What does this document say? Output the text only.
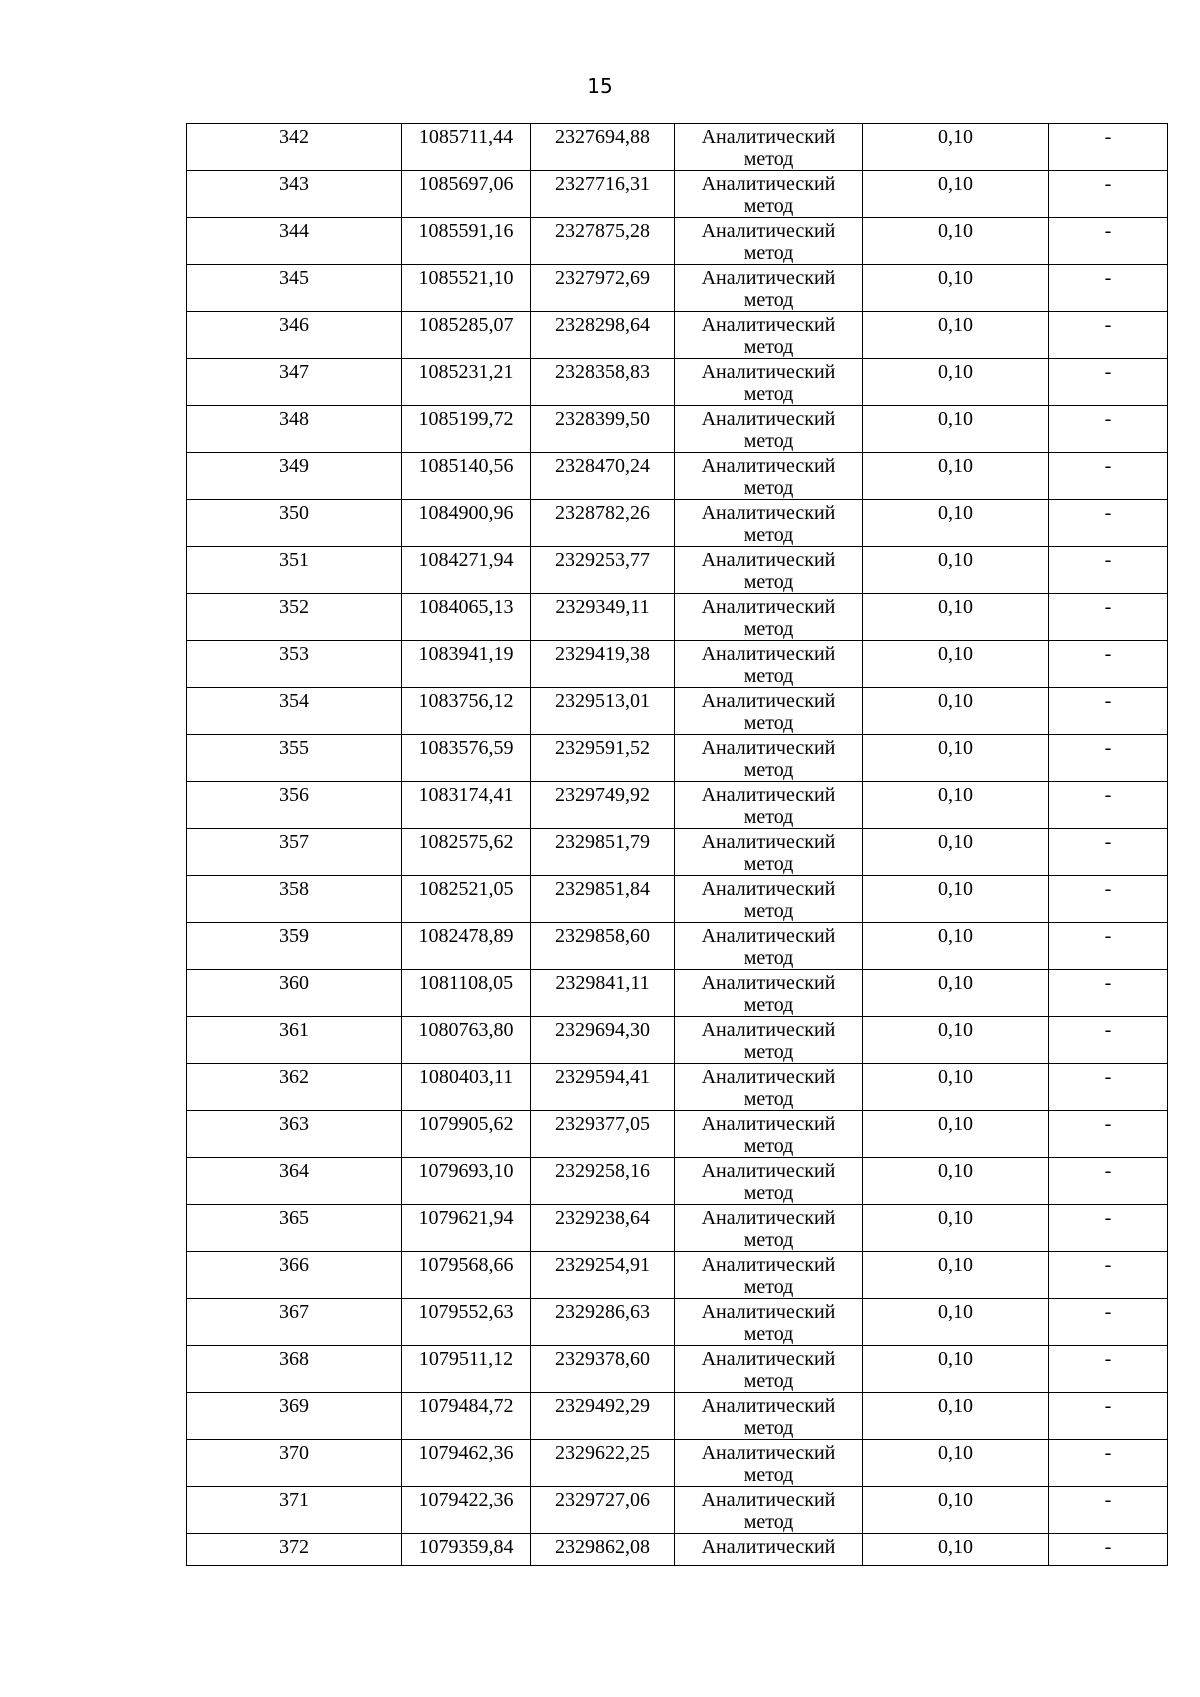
15
342	1085711,44	2327694,88	Аналитический метод	0,10	-
343	1085697,06	2327716,31	Аналитический метод	0,10	-
344	1085591,16	2327875,28	Аналитический метод	0,10	-
345	1085521,10	2327972,69	Аналитический метод	0,10	-
346	1085285,07	2328298,64	Аналитический метод	0,10	-
347	1085231,21	2328358,83	Аналитический метод	0,10	-
348	1085199,72	2328399,50	Аналитический метод	0,10	-
349	1085140,56	2328470,24	Аналитический метод	0,10	-
350	1084900,96	2328782,26	Аналитический метод	0,10	-
351	1084271,94	2329253,77	Аналитический метод	0,10	-
352	1084065,13	2329349,11	Аналитический метод	0,10	-
353	1083941,19	2329419,38	Аналитический метод	0,10	-
354	1083756,12	2329513,01	Аналитический метод	0,10	-
355	1083576,59	2329591,52	Аналитический метод	0,10	-
356	1083174,41	2329749,92	Аналитический метод	0,10	-
357	1082575,62	2329851,79	Аналитический метод	0,10	-
358	1082521,05	2329851,84	Аналитический метод	0,10	-
359	1082478,89	2329858,60	Аналитический метод	0,10	-
360	1081108,05	2329841,11	Аналитический метод	0,10	-
361	1080763,80	2329694,30	Аналитический метод	0,10	-
362	1080403,11	2329594,41	Аналитический метод	0,10	-
363	1079905,62	2329377,05	Аналитический метод	0,10	-
364	1079693,10	2329258,16	Аналитический метод	0,10	-
365	1079621,94	2329238,64	Аналитический метод	0,10	-
366	1079568,66	2329254,91	Аналитический метод	0,10	-
367	1079552,63	2329286,63	Аналитический метод	0,10	-
368	1079511,12	2329378,60	Аналитический метод	0,10	-
369	1079484,72	2329492,29	Аналитический метод	0,10	-
370	1079462,36	2329622,25	Аналитический метод	0,10	-
371	1079422,36	2329727,06	Аналитический метод	0,10	-
372	1079359,84	2329862,08	Аналитический	0,10	-
